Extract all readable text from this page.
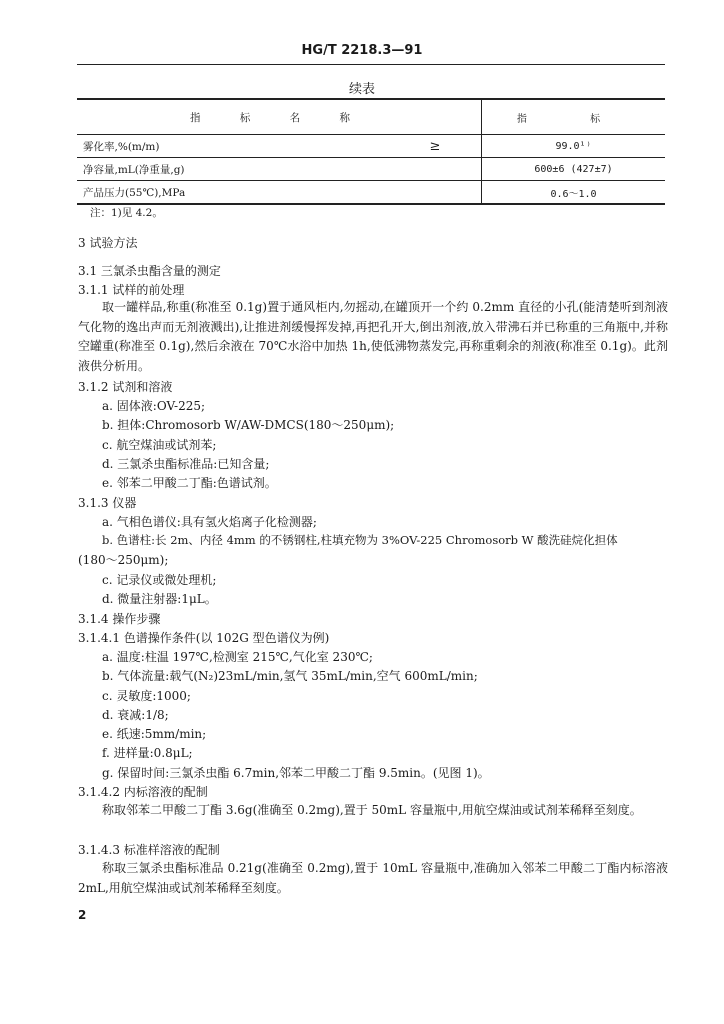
HG/T 2218.3—91
续表
指 标 名 称		指 标
雾化率,%(m/m)	≥	99.0¹⁾
净容量,mL(净重量,g)		600±6 (427±7)
产品压力(55℃),MPa		0.6～1.0
注：1)见 4.2。
3 试验方法
3.1 三氯杀虫酯含量的测定
3.1.1 试样的前处理
取一罐样品,称重(称准至 0.1g)置于通风柜内,勿摇动,在罐顶开一个约 0.2mm 直径的小孔(能清楚听到剂液气化物的逸出声而无剂液溅出),让推进剂缓慢挥发掉,再把孔开大,倒出剂液,放入带沸石并已称重的三角瓶中,并称空罐重(称准至 0.1g),然后余液在 70℃水浴中加热 1h,使低沸物蒸发完,再称重剩余的剂液(称准至 0.1g)。此剂液供分析用。
3.1.2 试剂和溶液
a. 固体液:OV-225;
b. 担体:Chromosorb W/AW-DMCS(180～250μm);
c. 航空煤油或试剂苯;
d. 三氯杀虫酯标准品:已知含量;
e. 邻苯二甲酸二丁酯:色谱试剂。
3.1.3 仪器
a. 气相色谱仪:具有氢火焰离子化检测器;
b. 色谱柱:长 2m、内径 4mm 的不锈钢柱,柱填充物为 3%OV-225 Chromosorb W 酸洗硅烷化担体
(180～250μm);
c. 记录仪或微处理机;
d. 微量注射器:1μL。
3.1.4 操作步骤
3.1.4.1 色谱操作条件(以 102G 型色谱仪为例)
a. 温度:柱温 197℃,检测室 215℃,气化室 230℃;
b. 气体流量:载气(N₂)23mL/min,氢气 35mL/min,空气 600mL/min;
c. 灵敏度:1000;
d. 衰减:1/8;
e. 纸速:5mm/min;
f. 进样量:0.8μL;
g. 保留时间:三氯杀虫酯 6.7min,邻苯二甲酸二丁酯 9.5min。(见图 1)。
3.1.4.2 内标溶液的配制
称取邻苯二甲酸二丁酯 3.6g(准确至 0.2mg),置于 50mL 容量瓶中,用航空煤油或试剂苯稀释至刻度。
3.1.4.3 标准样溶液的配制
称取三氯杀虫酯标准品 0.21g(准确至 0.2mg),置于 10mL 容量瓶中,准确加入邻苯二甲酸二丁酯内标溶液 2mL,用航空煤油或试剂苯稀释至刻度。
2
